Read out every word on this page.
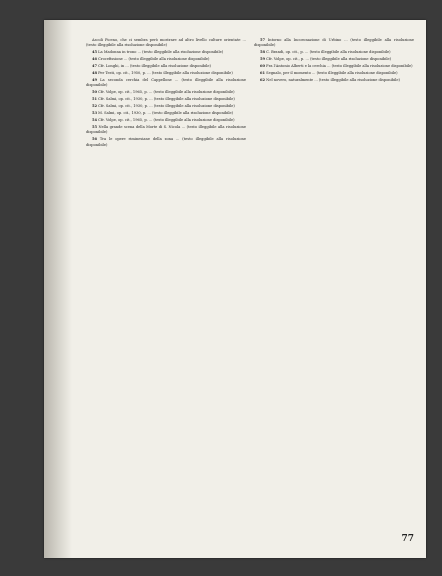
Ascoli Piceno, che ci sembra però mostrare ad altro livello culture orientate ... (testo illeggibile alla risoluzione disponibile)

45 La Madonna in trono ... (testo illeggibile alla risoluzione disponibile)

46 Crocefissione ... (testo illeggibile alla risoluzione disponibile)

47 Cfr. Longhi, in ... (testo illeggibile alla risoluzione disponibile)

48 Per Testi, op. cit., 1950, p. ... (testo illeggibile alla risoluzione disponibile)

49 La seconda cerchia del Cappellone ... (testo illeggibile alla risoluzione disponibile)

50 Cfr. Volpe, op. cit., 1965, p. ... (testo illeggibile alla risoluzione disponibile)

51 Cfr. Salmi, op. cit., 1930, p. ... (testo illeggibile alla risoluzione disponibile)

52 Cfr. Salmi, op. cit., 1930, p. ... (testo illeggibile alla risoluzione disponibile)

53 M. Salmi, op. cit., 1930, p. ... (testo illeggibile alla risoluzione disponibile)

54 Cfr. Volpe, op. cit., 1965, p. ... (testo illeggibile alla risoluzione disponibile)

55 Nella grande scena della Morte di S. Nicola ... (testo illeggibile alla risoluzione disponibile)

56 Tra le opere riminesiane della zona ... (testo illeggibile alla risoluzione disponibile)

57 Intorno alla Incoronazione di Urbino ... (testo illeggibile alla risoluzione disponibile)

58 C. Brandi, op. cit., p. ... (testo illeggibile alla risoluzione disponibile)

59 Cfr. Volpe, op. cit., p. ... (testo illeggibile alla risoluzione disponibile)

60 Fra l'Antonio Alberti e la cerchia ... (testo illeggibile alla risoluzione disponibile)

61 Segnalo, per il momento ... (testo illeggibile alla risoluzione disponibile)

62 Nel novero, naturalmente ... (testo illeggibile alla risoluzione disponibile)

77
